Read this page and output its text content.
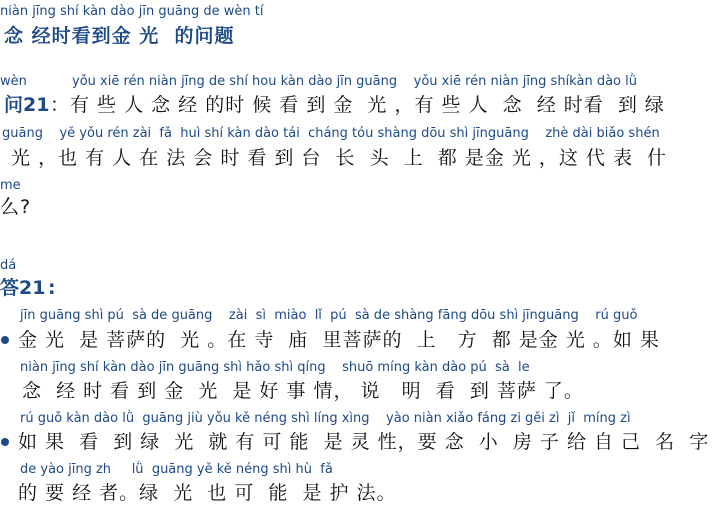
niàn jīng shí kàn dào jīn guāng de wèn tí
念 经时看到金 光  的问题
wèn	yǒu xiē rén niàn jīng de shí hou kàn dào jīn guāng    yǒu xiē rén niàn jīng shíkàn dào lǜ
问21 ：有 些 人 念 经 的时 候 看 到 金  光 ，有 些 人  念  经 时看  到 绿
guāng    yě yǒu rén zài  fǎ  huì shí kàn dào tái  cháng tóu shàng dōu shì jīnguāng    zhè dài biǎo shén
光 ，也 有 人 在 法 会 时 看 到 台  长  头  上  都 是金 光 ，这 代 表  什
me
么?
dá
答21 :
jīn guāng shì pú  sà de guāng    zài  sì  miào  lǐ  pú  sà de shàng fāng dōu shì jīnguāng    rú guǒ
金 光  是 菩萨的  光 。在 寺  庙  里菩萨的  上   方  都 是金 光 。如 果
niàn jīng shí kàn dào jīn guāng shì hǎo shì qíng    shuō míng kàn dào pú  sà  le
念  经 时 看 到 金  光  是 好 事 情， 说   明  看  到 菩萨 了。
rú guǒ kàn dào lǜ  guāng jiù yǒu kě néng shì líng xìng    yào niàn xiǎo fáng zi gěi zì  jǐ  míng zì
如 果  看  到 绿  光  就 有 可 能  是 灵 性，要 念  小  房 子 给 自 己  名  字
de yào jīng zh     lǜ  guāng yě kě néng shì hù  fǎ
的 要 经 者。绿  光  也 可  能  是 护 法。
